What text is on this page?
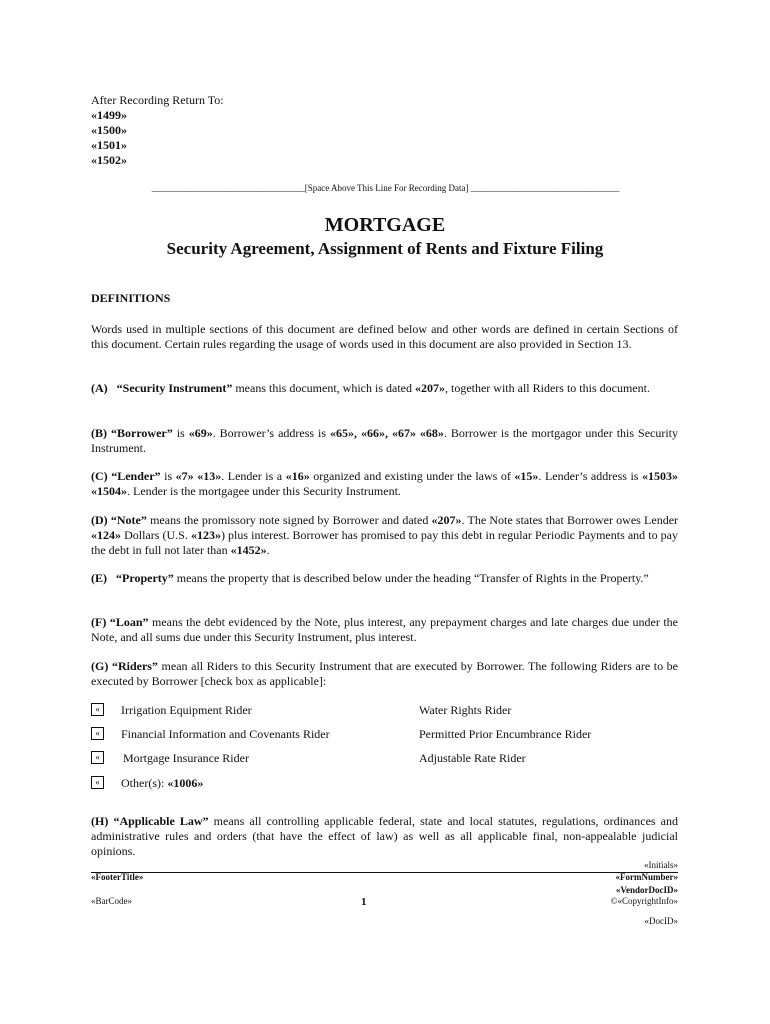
After Recording Return To:
«1499»
«1500»
«1501»
«1502»
__________________________________[Space Above This Line For Recording Data] _________________________________
MORTGAGE
Security Agreement, Assignment of Rents and Fixture Filing
DEFINITIONS
Words used in multiple sections of this document are defined below and other words are defined in certain Sections of this document. Certain rules regarding the usage of words used in this document are also provided in Section 13.
(A) “Security Instrument” means this document, which is dated «207», together with all Riders to this document.
(B) “Borrower” is «69». Borrower’s address is «65», «66», «67» «68». Borrower is the mortgagor under this Security Instrument.
(C) “Lender” is «7» «13». Lender is a «16» organized and existing under the laws of «15». Lender’s address is «1503» «1504». Lender is the mortgagee under this Security Instrument.
(D) “Note” means the promissory note signed by Borrower and dated «207». The Note states that Borrower owes Lender «124» Dollars (U.S. «123») plus interest. Borrower has promised to pay this debt in regular Periodic Payments and to pay the debt in full not later than «1452».
(E) “Property” means the property that is described below under the heading “Transfer of Rights in the Property.”
(F) “Loan” means the debt evidenced by the Note, plus interest, any prepayment charges and late charges due under the Note, and all sums due under this Security Instrument, plus interest.
(G) “Riders” mean all Riders to this Security Instrument that are executed by Borrower. The following Riders are to be executed by Borrower [check box as applicable]:
«	Irrigation Equipment Rider	Water Rights Rider
«	Financial Information and Covenants Rider	Permitted Prior Encumbrance Rider
«	Mortgage Insurance Rider	Adjustable Rate Rider
«	Other(s): «1006»
(H) “Applicable Law” means all controlling applicable federal, state and local statutes, regulations, ordinances and administrative rules and orders (that have the effect of law) as well as all applicable final, non-appealable judicial opinions.
«Initials»
«FooterTitle»	«FormNumber»
«VendorDocID»
«BarCode»	1	©«CopyrightInfo»
«DocID»
